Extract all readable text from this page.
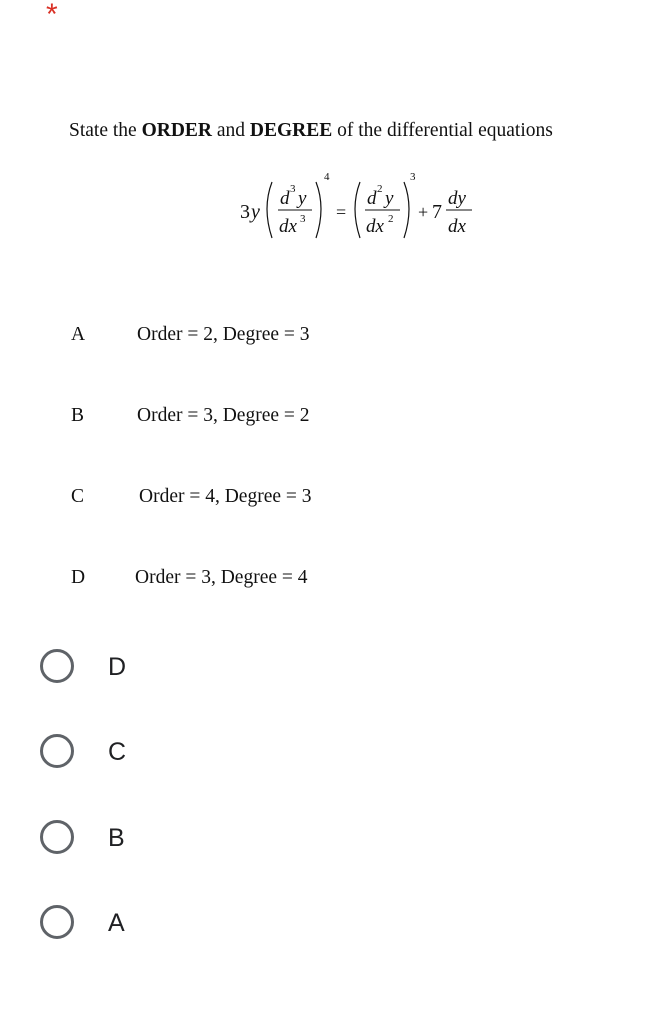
*
State the ORDER and DEGREE of the differential equations
3 y
d 3 y
dx 3
4
=
d 2 y
dx 2
3
+ 7
dy
dx
A	Order = 2, Degree = 3
B	Order = 3, Degree = 2
C	Order = 4, Degree = 3
D	Order = 3, Degree = 4
D
C
B
A
